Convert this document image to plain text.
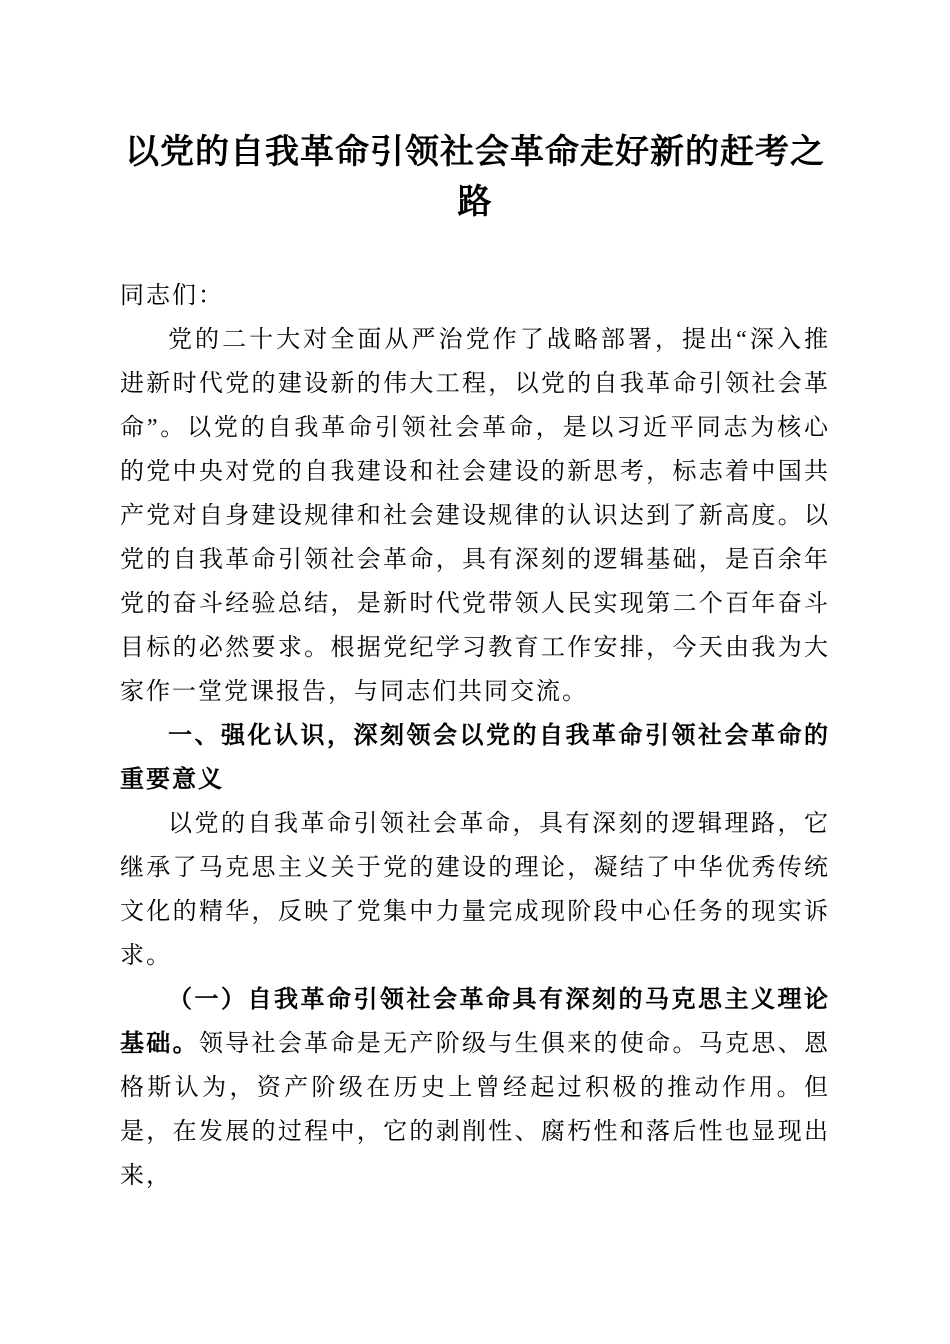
以党的自我革命引领社会革命走好新的赶考之路

同志们：

党的二十大对全面从严治党作了战略部署，提出“深入推进新时代党的建设新的伟大工程，以党的自我革命引领社会革命”。以党的自我革命引领社会革命，是以习近平同志为核心的党中央对党的自我建设和社会建设的新思考，标志着中国共产党对自身建设规律和社会建设规律的认识达到了新高度。以党的自我革命引领社会革命，具有深刻的逻辑基础，是百余年党的奋斗经验总结，是新时代党带领人民实现第二个百年奋斗目标的必然要求。根据党纪学习教育工作安排，今天由我为大家作一堂党课报告，与同志们共同交流。

一、强化认识，深刻领会以党的自我革命引领社会革命的重要意义

以党的自我革命引领社会革命，具有深刻的逻辑理路，它继承了马克思主义关于党的建设的理论，凝结了中华优秀传统文化的精华，反映了党集中力量完成现阶段中心任务的现实诉求。

（一）自我革命引领社会革命具有深刻的马克思主义理论基础。领导社会革命是无产阶级与生俱来的使命。马克思、恩格斯认为，资产阶级在历史上曾经起过积极的推动作用。但是，在发展的过程中，它的剥削性、腐朽性和落后性也显现出来，
